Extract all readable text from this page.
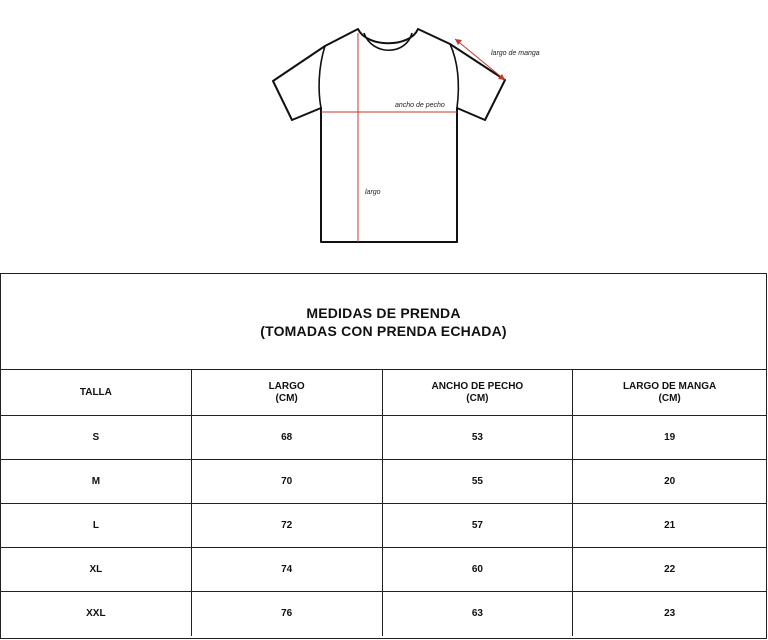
largo de manga
ancho de pecho
largo
MEDIDAS DE PRENDA
(TOMADAS CON PRENDA ECHADA)
TALLA
LARGO
(CM)
ANCHO DE PECHO
(CM)
LARGO DE MANGA
(CM)
S	68	53	19
M	70	55	20
L	72	57	21
XL	74	60	22
XXL	76	63	23
